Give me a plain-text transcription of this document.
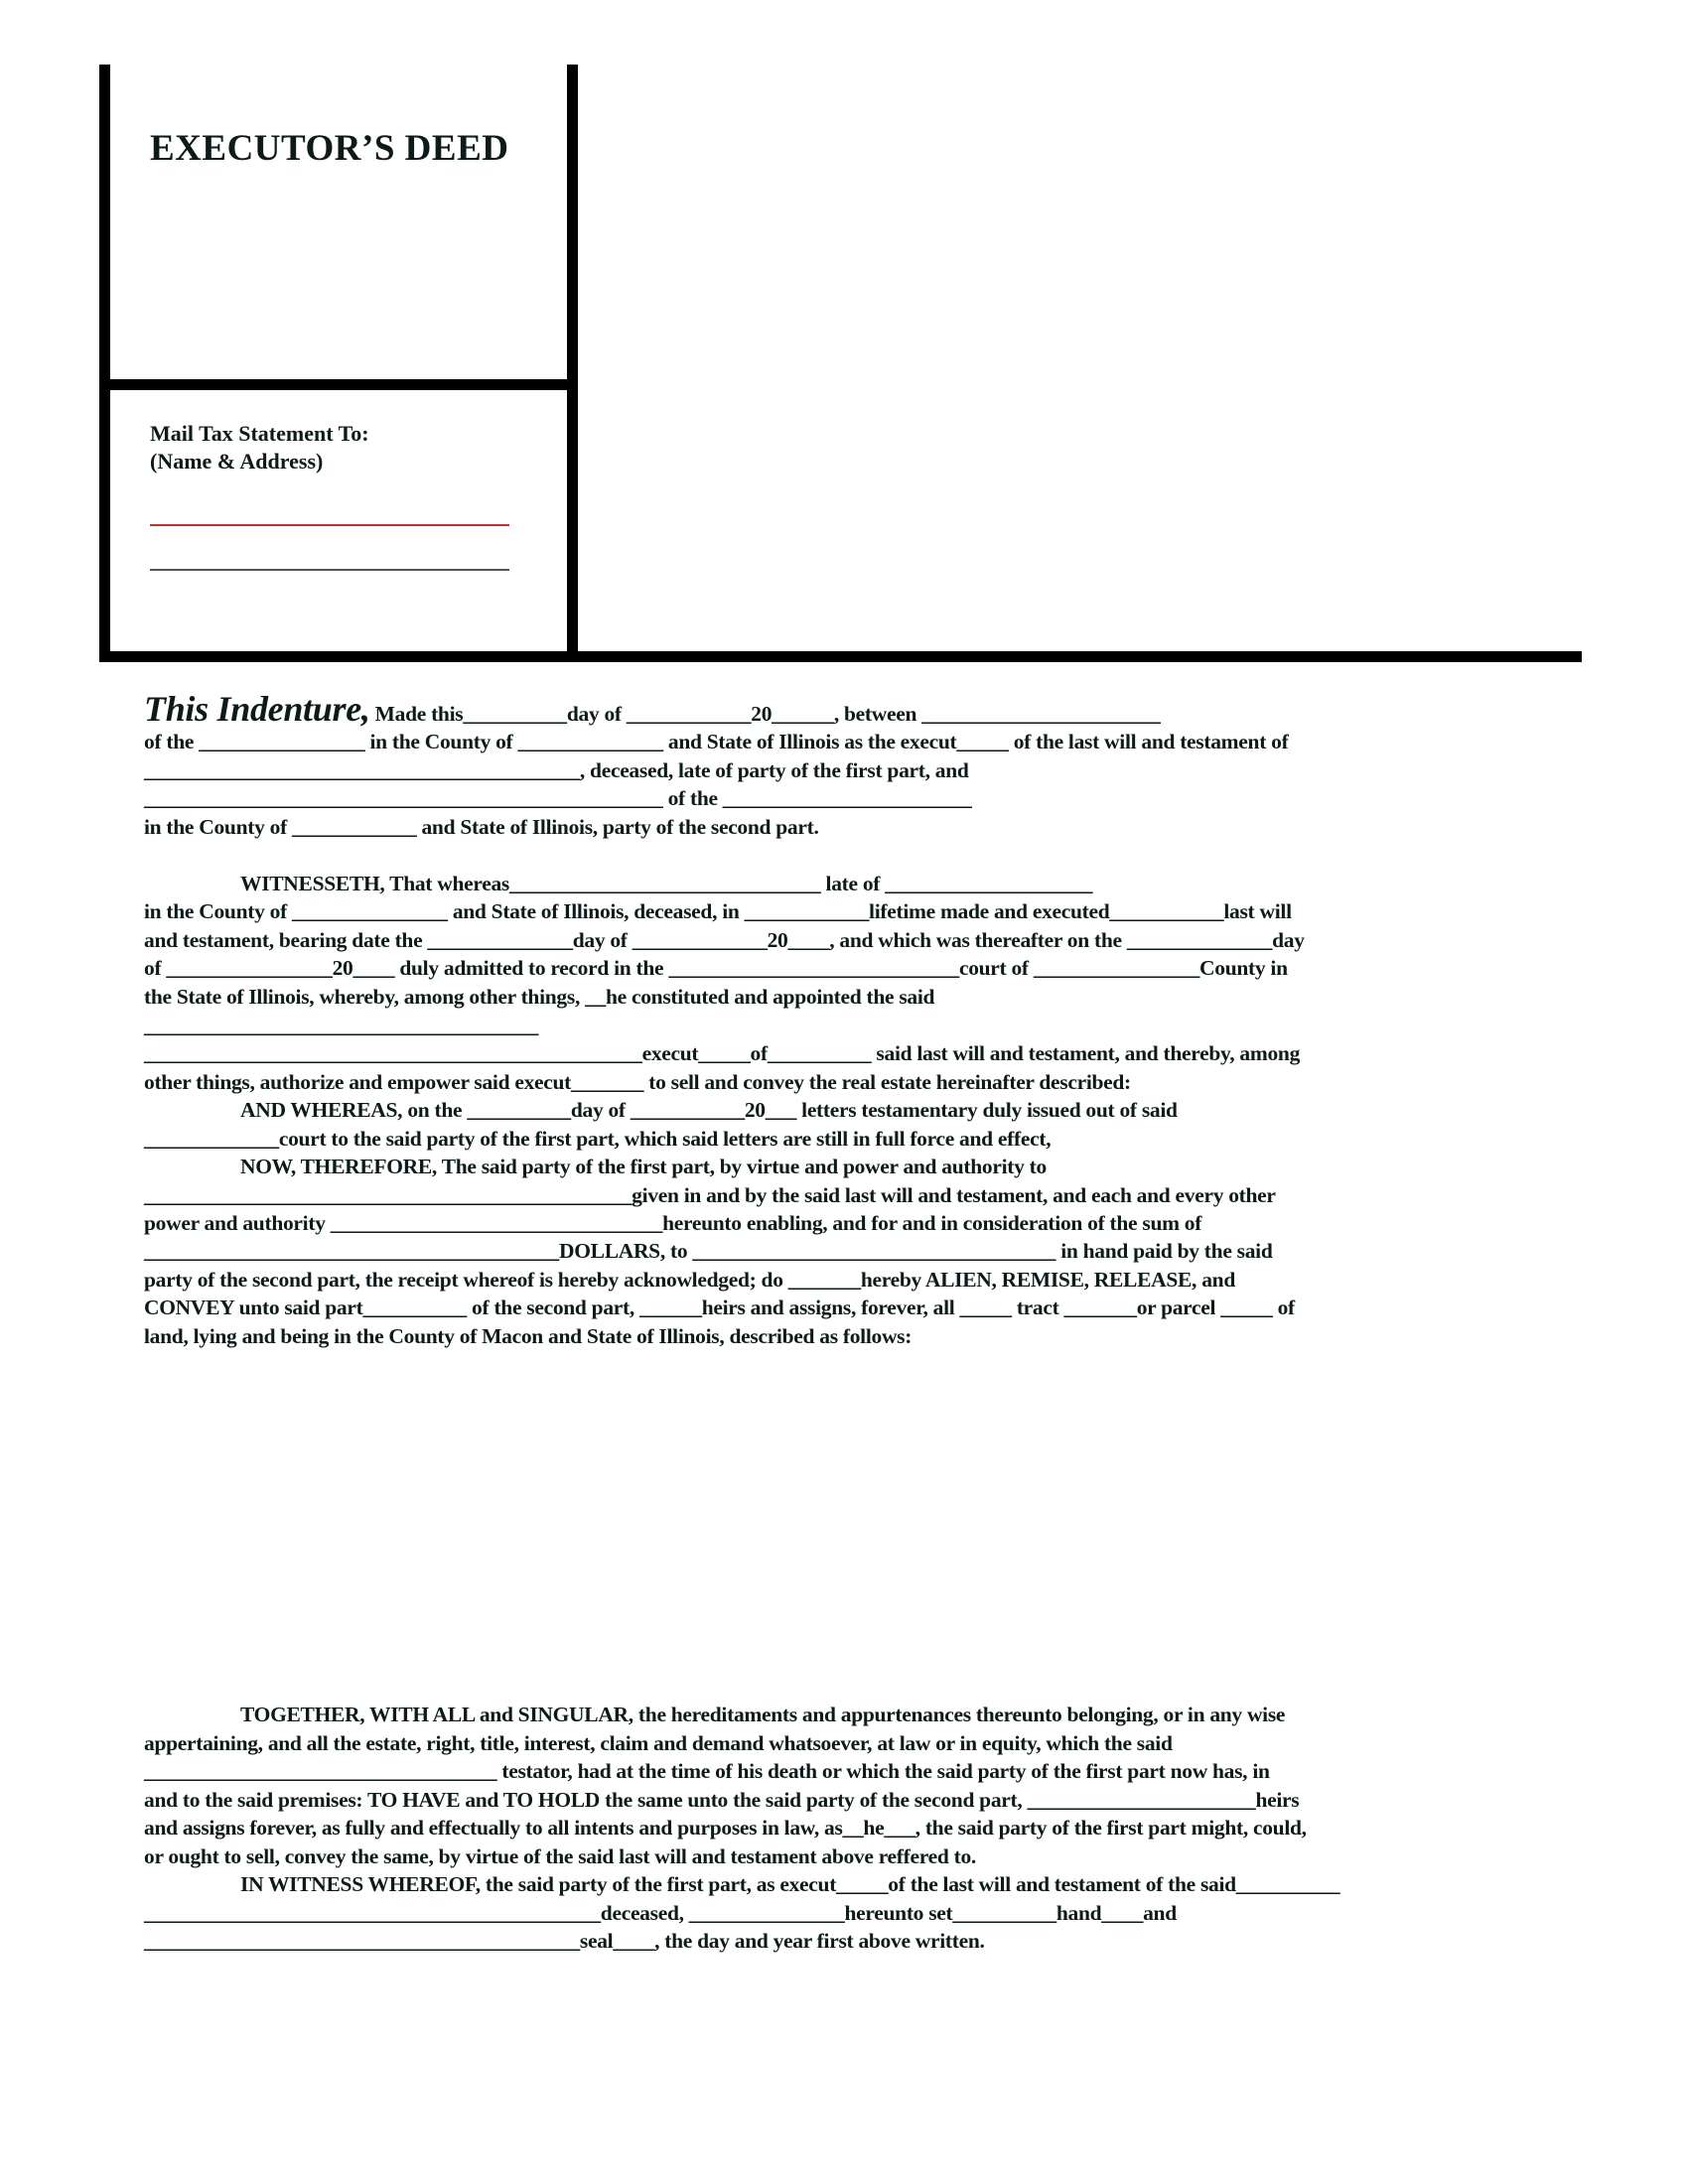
EXECUTOR’S DEED
Mail Tax Statement To:
(Name & Address)
This Indenture, Made this__________day of ____________20______, between _______________________
of the ________________ in the County of ______________ and State of Illinois as the execut_____ of the last will and testament of
__________________________________________, deceased, late of party of the first part, and
__________________________________________________ of the ________________________
in the County of ____________ and State of Illinois, party of the second part.
WITNESSETH, That whereas______________________________ late of ____________________
in the County of _______________ and State of Illinois, deceased, in ____________lifetime made and executed___________last will
and testament, bearing date the ______________day of _____________20____, and which was thereafter on the ______________day
of ________________20____ duly admitted to record in the ____________________________court of ________________County in
the State of Illinois, whereby, among other things, __he constituted and appointed the said
______________________________________
________________________________________________execut_____of__________ said last will and testament, and thereby, among
other things, authorize and empower said execut_______ to sell and convey the real estate hereinafter described:
AND WHEREAS, on the __________day of ___________20___ letters testamentary duly issued out of said
_____________court to the said party of the first part, which said letters are still in full force and effect,
NOW, THEREFORE, The said party of the first part, by virtue and power and authority to
_______________________________________________given in and by the said last will and testament, and each and every other
power and authority ________________________________hereunto enabling, and for and in consideration of the sum of
________________________________________DOLLARS, to ___________________________________ in hand paid by the said
party of the second part, the receipt whereof is hereby acknowledged; do _______hereby ALIEN, REMISE, RELEASE, and
CONVEY unto said part__________ of the second part, ______heirs and assigns, forever, all _____ tract _______or parcel _____ of
land, lying and being in the County of Macon and State of Illinois, described as follows:
TOGETHER, WITH ALL and SINGULAR, the hereditaments and appurtenances thereunto belonging, or in any wise
appertaining, and all the estate, right, title, interest, claim and demand whatsoever, at law or in equity, which the said
__________________________________ testator, had at the time of his death or which the said party of the first part now has, in
and to the said premises: TO HAVE and TO HOLD the same unto the said party of the second part, ______________________heirs
and assigns forever, as fully and effectually to all intents and purposes in law, as__he___, the said party of the first part might, could,
or ought to sell, convey the same, by virtue of the said last will and testament above reffered to.
IN WITNESS WHEREOF, the said party of the first part, as execut_____of the last will and testament of the said__________
____________________________________________deceased, _______________hereunto set__________hand____and
__________________________________________seal____, the day and year first above written.
